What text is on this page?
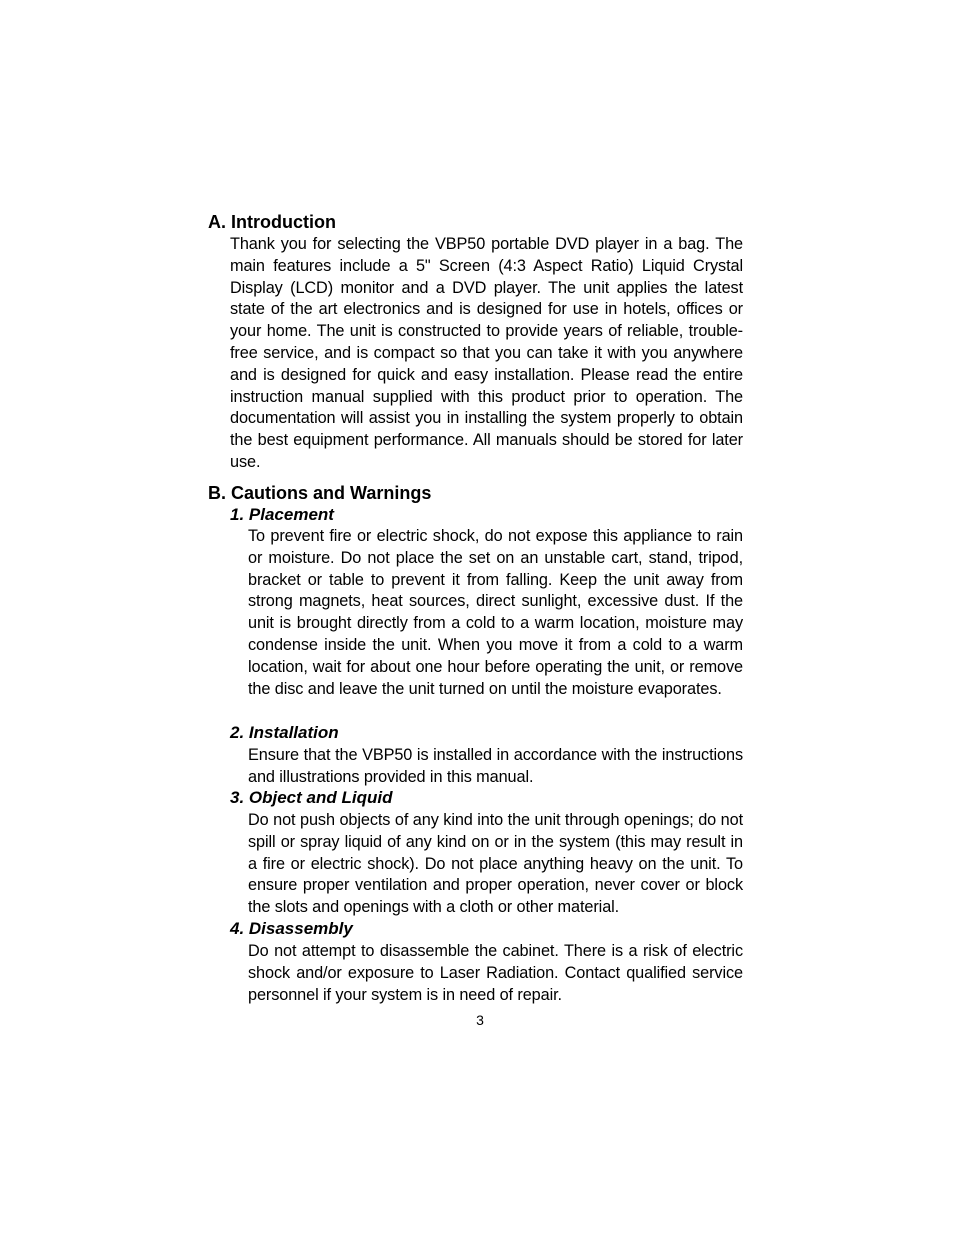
A. Introduction
Thank you for selecting the VBP50 portable DVD player in a bag. The main features include a 5" Screen (4:3 Aspect Ratio) Liquid Crystal Display (LCD) monitor and a DVD player. The unit applies the latest state of the art electronics and is designed for use in hotels, offices or your home. The unit is constructed to provide years of reliable, trouble-free service, and is compact so that you can take it with you anywhere and is designed for quick and easy installation. Please read the entire instruction manual supplied with this product prior to operation. The documentation will assist you in installing the system properly to obtain the best equipment performance. All manuals should be stored for later use.
B. Cautions and Warnings
1. Placement
To prevent fire or electric shock, do not expose this appliance to rain or moisture. Do not place the set on an unstable cart, stand, tripod, bracket or table to prevent it from falling. Keep the unit away from strong magnets, heat sources, direct sunlight, excessive dust. If the unit is brought directly from a cold to a warm location, moisture may condense inside the unit. When you move it from a cold to a warm location, wait for about one hour before operating the unit, or remove the disc and leave the unit turned on until the moisture evaporates.
2. Installation
Ensure that the VBP50 is installed in accordance with the instructions and illustrations provided in this manual.
3. Object and Liquid
Do not push objects of any kind into the unit through openings; do not spill or spray liquid of any kind on or in the system (this may result in a fire or electric shock). Do not place anything heavy on the unit. To ensure proper ventilation and proper operation, never cover or block the slots and openings with a cloth or other material.
4. Disassembly
Do not attempt to disassemble the cabinet. There is a risk of electric shock and/or exposure to Laser Radiation. Contact qualified service personnel if your system is in need of repair.
3
